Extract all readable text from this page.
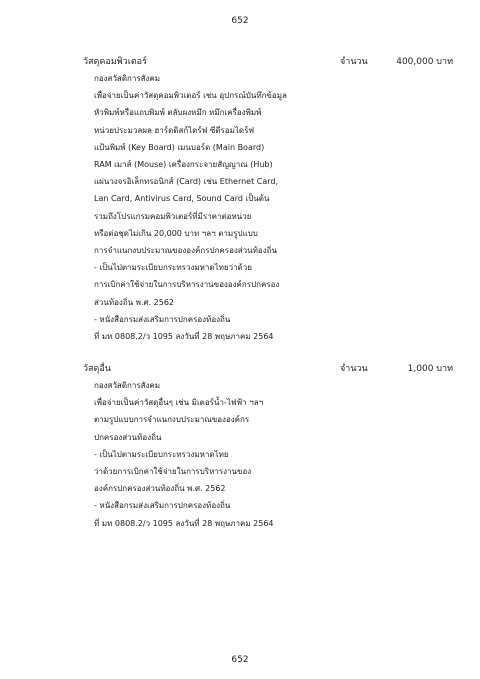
652
วัสดุคอมพิวเตอร์	จำนวน	400,000 บาท
กองสวัสดิการสังคม
เพื่อจ่ายเป็นค่าวัสดุคอมพิวเตอร์ เช่น อุปกรณ์บันทึกข้อมูล
หัวพิมพ์หรือแถบพิมพ์ ตลับผงหมึก หมึกเครื่องพิมพ์
หน่วยประมวลผล ฮาร์ดดิสก์ไดร์ฟ ซีดีรอมไดร์ฟ
แป้นพิมพ์ (Key Board) เมนบอร์ด (Main Board)
RAM เมาส์ (Mouse) เครื่องกระจายสัญญาณ (Hub)
แผ่นวงจรอิเล็กทรอนิกส์ (Card) เช่น Ethernet Card,
Lan Card, Antivirus Card, Sound Card เป็นต้น
รวมถึงโปรแกรมคอมพิวเตอร์ที่มีราคาต่อหน่วย
หรือต่อชุดไม่เกิน 20,000 บาท ฯลฯ ตามรูปแบบ
การจำแนกงบประมาณขององค์กรปกครองส่วนท้องถิ่น
- เป็นไปตามระเบียบกระทรวงมหาดไทยว่าด้วย
การเบิกค่าใช้จ่ายในการบริหารงานขององค์กรปกครอง
ส่วนท้องถิ่น พ.ศ. 2562
- หนังสือกรมส่งเสริมการปกครองท้องถิ่น
ที่ มท 0808.2/ว 1095 ลงวันที่ 28 พฤษภาคม 2564
วัสดุอื่น	จำนวน	1,000 บาท
กองสวัสดิการสังคม
เพื่อจ่ายเป็นค่าวัสดุอื่นๆ เช่น มิเตอร์น้ำ-ไฟฟ้า ฯลฯ
ตามรูปแบบการจำแนกงบประมาณขององค์กร
ปกครองส่วนท้องถิ่น
- เป็นไปตามระเบียบกระทรวงมหาดไทย
ว่าด้วยการเบิกค่าใช้จ่ายในการบริหารงานของ
องค์กรปกครองส่วนท้องถิ่น พ.ศ. 2562
- หนังสือกรมส่งเสริมการปกครองท้องถิ่น
ที่ มท 0808.2/ว 1095 ลงวันที่ 28 พฤษภาคม 2564
652
